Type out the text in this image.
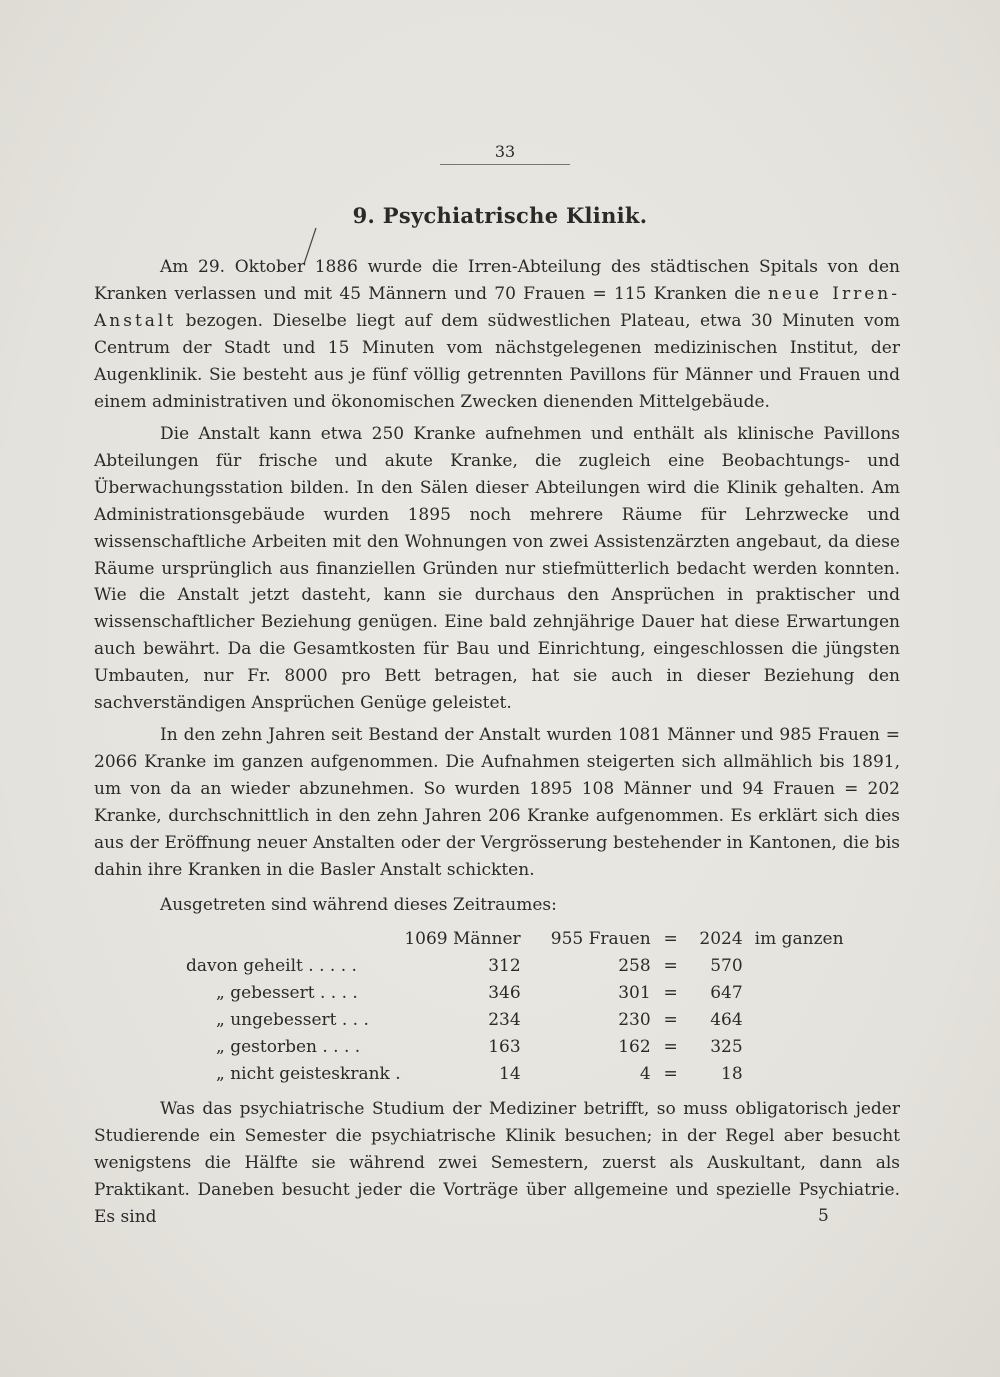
33
9. Psychiatrische Klinik.

Am 29. Oktober 1886 wurde die Irren-Abteilung des städtischen Spitals von den Kranken verlassen und mit 45 Männern und 70 Frauen = 115 Kranken die neue Irren-Anstalt bezogen. Dieselbe liegt auf dem südwestlichen Plateau, etwa 30 Minuten vom Centrum der Stadt und 15 Minuten vom nächstgelegenen medizinischen Institut, der Augenklinik. Sie besteht aus je fünf völlig getrennten Pavillons für Männer und Frauen und einem administrativen und ökonomischen Zwecken dienenden Mittelgebäude.

Die Anstalt kann etwa 250 Kranke aufnehmen und enthält als klinische Pavillons Abteilungen für frische und akute Kranke, die zugleich eine Beobachtungs- und Überwachungsstation bilden. In den Sälen dieser Abteilungen wird die Klinik gehalten. Am Administrationsgebäude wurden 1895 noch mehrere Räume für Lehrzwecke und wissenschaftliche Arbeiten mit den Wohnungen von zwei Assistenzärzten angebaut, da diese Räume ursprünglich aus finanziellen Gründen nur stiefmütterlich bedacht werden konnten. Wie die Anstalt jetzt dasteht, kann sie durchaus den Ansprüchen in praktischer und wissenschaftlicher Beziehung genügen. Eine bald zehnjährige Dauer hat diese Erwartungen auch bewährt. Da die Gesamtkosten für Bau und Einrichtung, eingeschlossen die jüngsten Umbauten, nur Fr. 8000 pro Bett betragen, hat sie auch in dieser Beziehung den sachverständigen Ansprüchen Genüge geleistet.

In den zehn Jahren seit Bestand der Anstalt wurden 1081 Männer und 985 Frauen = 2066 Kranke im ganzen aufgenommen. Die Aufnahmen steigerten sich allmählich bis 1891, um von da an wieder abzunehmen. So wurden 1895 108 Männer und 94 Frauen = 202 Kranke, durchschnittlich in den zehn Jahren 206 Kranke aufgenommen. Es erklärt sich dies aus der Eröffnung neuer Anstalten oder der Vergrösserung bestehender in Kantonen, die bis dahin ihre Kranken in die Basler Anstalt schickten.

Ausgetreten sind während dieses Zeitraumes:
	1069 Männer	955 Frauen	=	2024	im ganzen
davon geheilt . . . . .	312	258	=	570	
„ gebessert . . . .	346	301	=	647	
„ ungebessert . . .	234	230	=	464	
„ gestorben . . . .	163	162	=	325	
„ nicht geisteskrank .	14	4	=	18	

Was das psychiatrische Studium der Mediziner betrifft, so muss obligatorisch jeder Studierende ein Semester die psychiatrische Klinik besuchen; in der Regel aber besucht wenigstens die Hälfte sie während zwei Semestern, zuerst als Auskultant, dann als Praktikant. Daneben besucht jeder die Vorträge über allgemeine und spezielle Psychiatrie. Es sind	5
